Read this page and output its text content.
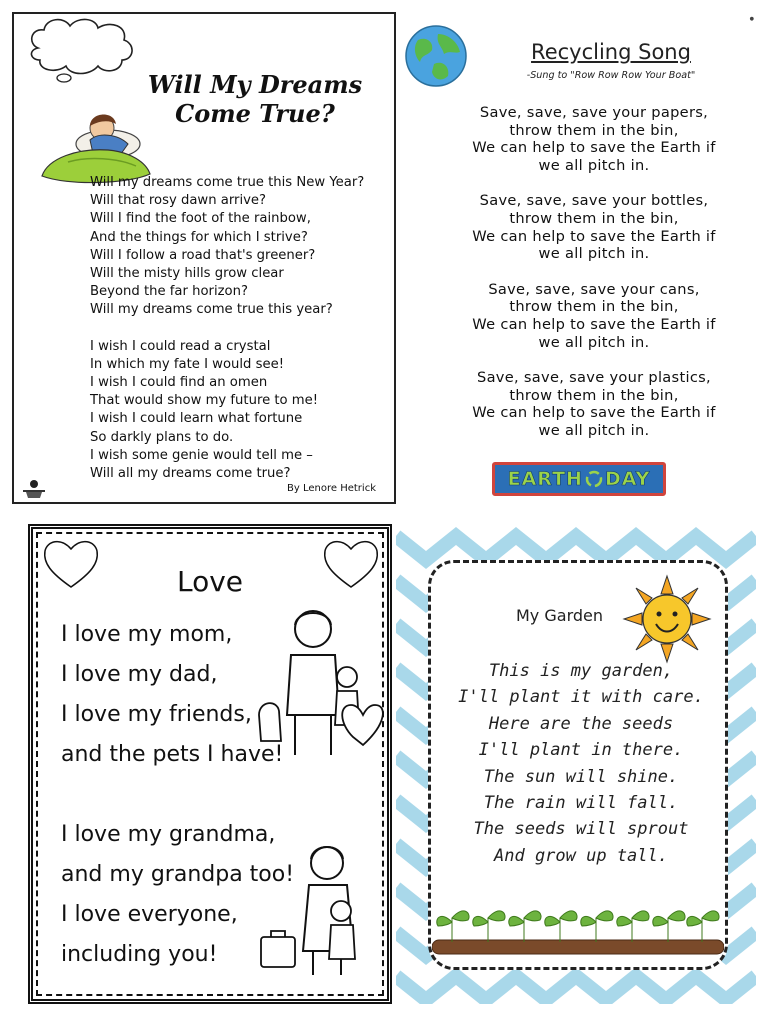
Will My Dreams
Come True?
Will my dreams come true this New Year?
Will that rosy dawn arrive?
Will I find the foot of the rainbow,
And the things for which I strive?
Will I follow a road that's greener?
Will the misty hills grow clear
Beyond the far horizon?
Will my dreams come true this year?
I wish I could read a crystal
In which my fate I would see!
I wish I could find an omen
That would show my future to me!
I wish I could learn what fortune
So darkly plans to do.
I wish some genie would tell me –
Will all my dreams come true?
By Lenore Hetrick
●
Recycling Song
-Sung to "Row Row Row Your Boat"
Save, save, save your papers,
throw them in the bin,
We can help to save the Earth if
we all pitch in.
Save, save, save your bottles,
throw them in the bin,
We can help to save the Earth if
we all pitch in.
Save, save, save your cans,
throw them in the bin,
We can help to save the Earth if
we all pitch in.
Save, save, save your plastics,
throw them in the bin,
We can help to save the Earth if
we all pitch in.
EARTH DAY
Love
I love my mom,
I love my dad,
I love my friends,
and the pets I have!
I love my grandma,
and my grandpa too!
I love everyone,
including you!
My Garden
This is my garden,
I'll plant it with care.
Here are the seeds
I'll plant in there.
The sun will shine.
The rain will fall.
The seeds will sprout
And grow up tall.
